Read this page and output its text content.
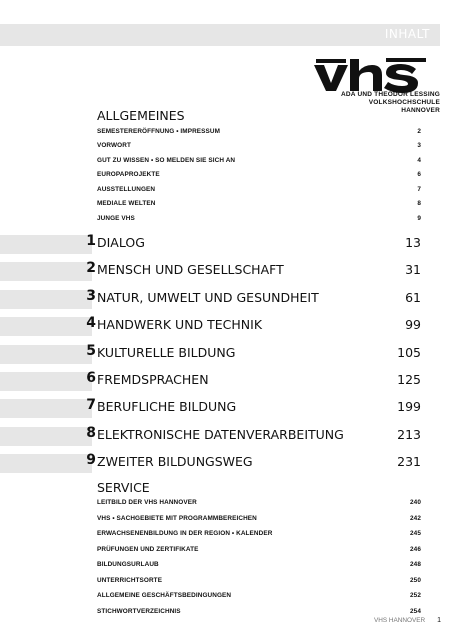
INHALT
ADA UND THEODOR LESSING
VOLKSHOCHSCHULE
HANNOVER
ALLGEMEINES
SEMESTERERÖFFNUNG • IMPRESSUM	2
VORWORT	3
GUT ZU WISSEN • SO MELDEN SIE SICH AN	4
EUROPAPROJEKTE	6
AUSSTELLUNGEN	7
MEDIALE WELTEN	8
JUNGE VHS	9
1 DIALOG	13
2 MENSCH UND GESELLSCHAFT	31
3 NATUR, UMWELT UND GESUNDHEIT	61
4 HANDWERK UND TECHNIK	99
5 KULTURELLE BILDUNG	105
6 FREMDSPRACHEN	125
7 BERUFLICHE BILDUNG	199
8 ELEKTRONISCHE DATENVERARBEITUNG	213
9 ZWEITER BILDUNGSWEG	231
SERVICE
LEITBILD DER VHS HANNOVER	240
VHS • SACHGEBIETE MIT PROGRAMMBEREICHEN	242
ERWACHSENENBILDUNG IN DER REGION • KALENDER	245
PRÜFUNGEN UND ZERTIFIKATE	246
BILDUNGSURLAUB	248
UNTERRICHTSORTE	250
ALLGEMEINE GESCHÄFTSBEDINGUNGEN	252
STICHWORTVERZEICHNIS	254
VHS HANNOVER 1
